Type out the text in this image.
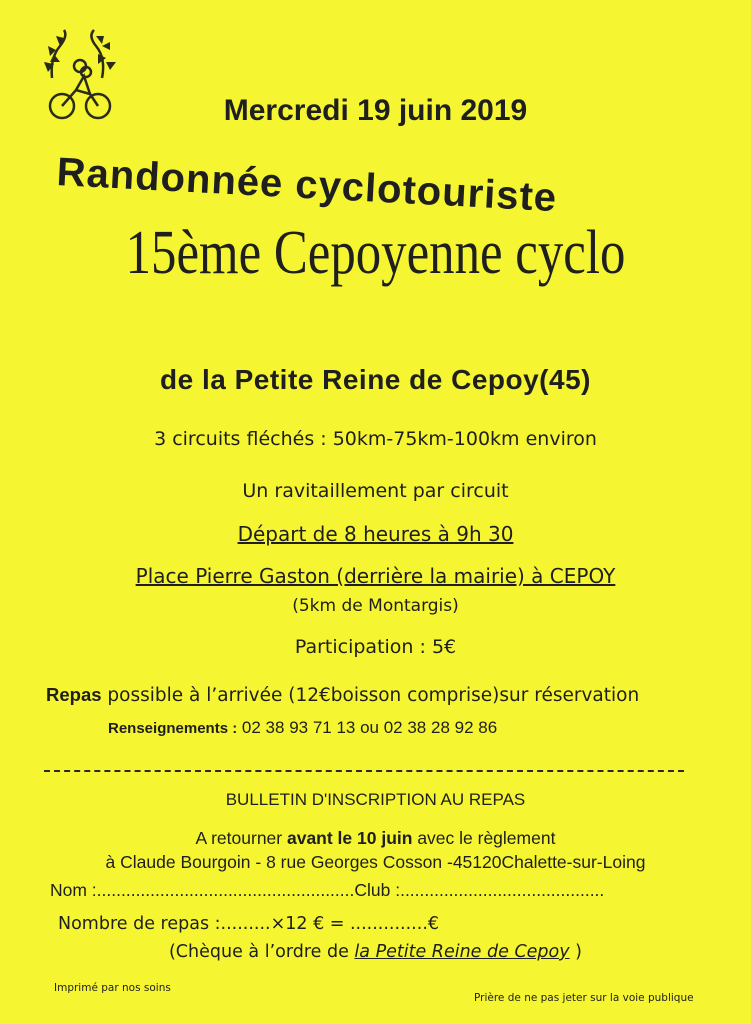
Mercredi 19 juin 2019
Randonnée cyclotouriste
15ème Cepoyenne cyclo
de la Petite Reine de Cepoy(45)
3 circuits fléchés : 50km-75km-100km environ
Un ravitaillement par circuit
Départ de 8 heures à 9h 30
Place Pierre Gaston (derrière la mairie) à CEPOY
(5km de Montargis)
Participation : 5€
Repas possible à l’arrivée (12€boisson comprise)sur réservation
Renseignements : 02 38 93 71 13 ou 02 38 28 92 86
BULLETIN D'INSCRIPTION AU REPAS
A retourner avant le 10 juin avec le règlement
à Claude Bourgoin - 8 rue Georges Cosson -45120Chalette-sur-Loing
Nom :.....................................................Club :..........................................
Nombre de repas :.........×12 € = ..............€
(Chèque à l’ordre de la Petite Reine de Cepoy )
Imprimé par nos soins
Prière de ne pas jeter sur la voie publique
